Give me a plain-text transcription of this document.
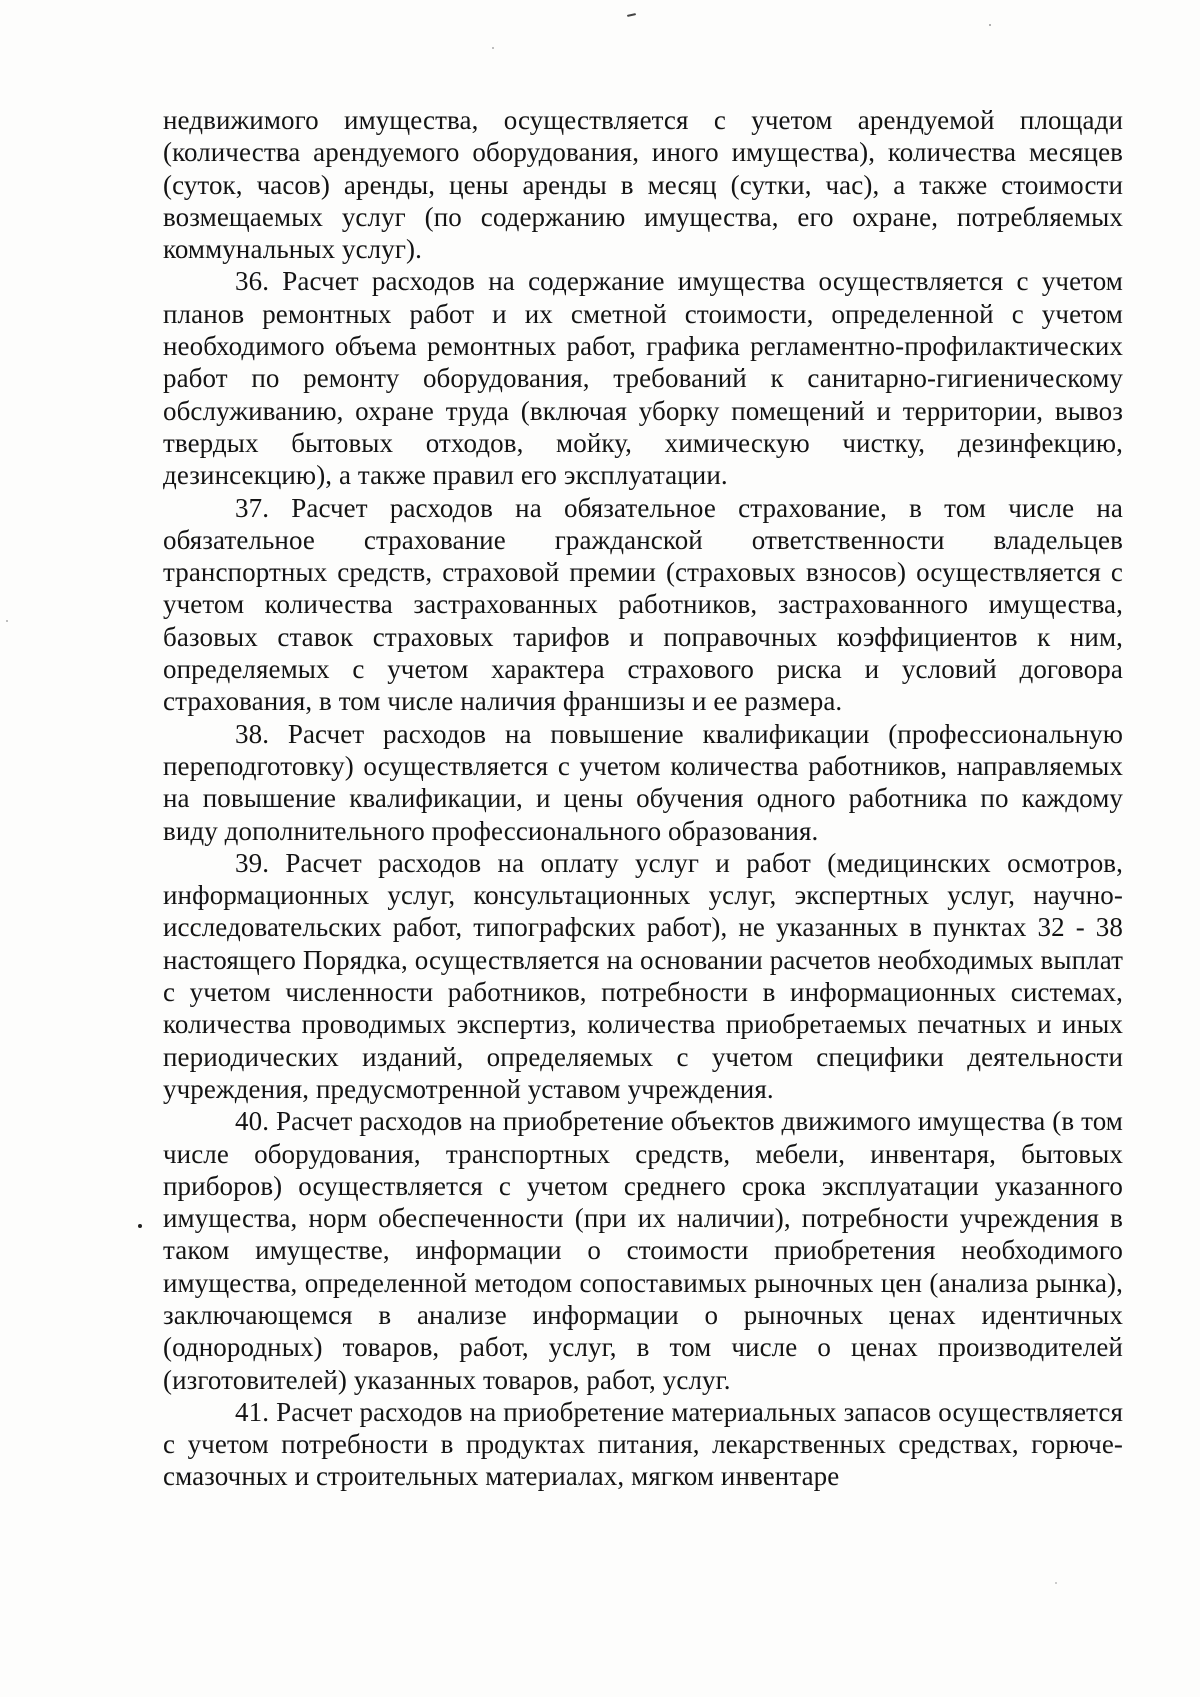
недвижимого имущества, осуществляется с учетом арендуемой площади (количества арендуемого оборудования, иного имущества), количества месяцев (суток, часов) аренды, цены аренды в месяц (сутки, час), а также стоимости возмещаемых услуг (по содержанию имущества, его охране, потребляемых коммунальных услуг).

36. Расчет расходов на содержание имущества осуществляется с учетом планов ремонтных работ и их сметной стоимости, определенной с учетом необходимого объема ремонтных работ, графика регламентно-профилактических работ по ремонту оборудования, требований к санитарно-гигиеническому обслуживанию, охране труда (включая уборку помещений и территории, вывоз твердых бытовых отходов, мойку, химическую чистку, дезинфекцию, дезинсекцию), а также правил его эксплуатации.

37. Расчет расходов на обязательное страхование, в том числе на обязательное страхование гражданской ответственности владельцев транспортных средств, страховой премии (страховых взносов) осуществляется с учетом количества застрахованных работников, застрахованного имущества, базовых ставок страховых тарифов и поправочных коэффициентов к ним, определяемых с учетом характера страхового риска и условий договора страхования, в том числе наличия франшизы и ее размера.

38. Расчет расходов на повышение квалификации (профессиональную переподготовку) осуществляется с учетом количества работников, направляемых на повышение квалификации, и цены обучения одного работника по каждому виду дополнительного профессионального образования.

39. Расчет расходов на оплату услуг и работ (медицинских осмотров, информационных услуг, консультационных услуг, экспертных услуг, научно-исследовательских работ, типографских работ), не указанных в пунктах 32 - 38 настоящего Порядка, осуществляется на основании расчетов необходимых выплат с учетом численности работников, потребности в информационных системах, количества проводимых экспертиз, количества приобретаемых печатных и иных периодических изданий, определяемых с учетом специфики деятельности учреждения, предусмотренной уставом учреждения.

40. Расчет расходов на приобретение объектов движимого имущества (в том числе оборудования, транспортных средств, мебели, инвентаря, бытовых приборов) осуществляется с учетом среднего срока эксплуатации указанного имущества, норм обеспеченности (при их наличии), потребности учреждения в таком имуществе, информации о стоимости приобретения необходимого имущества, определенной методом сопоставимых рыночных цен (анализа рынка), заключающемся в анализе информации о рыночных ценах идентичных (однородных) товаров, работ, услуг, в том числе о ценах производителей (изготовителей) указанных товаров, работ, услуг.

41. Расчет расходов на приобретение материальных запасов осуществляется с учетом потребности в продуктах питания, лекарственных средствах, горюче-смазочных и строительных материалах, мягком инвентаре
